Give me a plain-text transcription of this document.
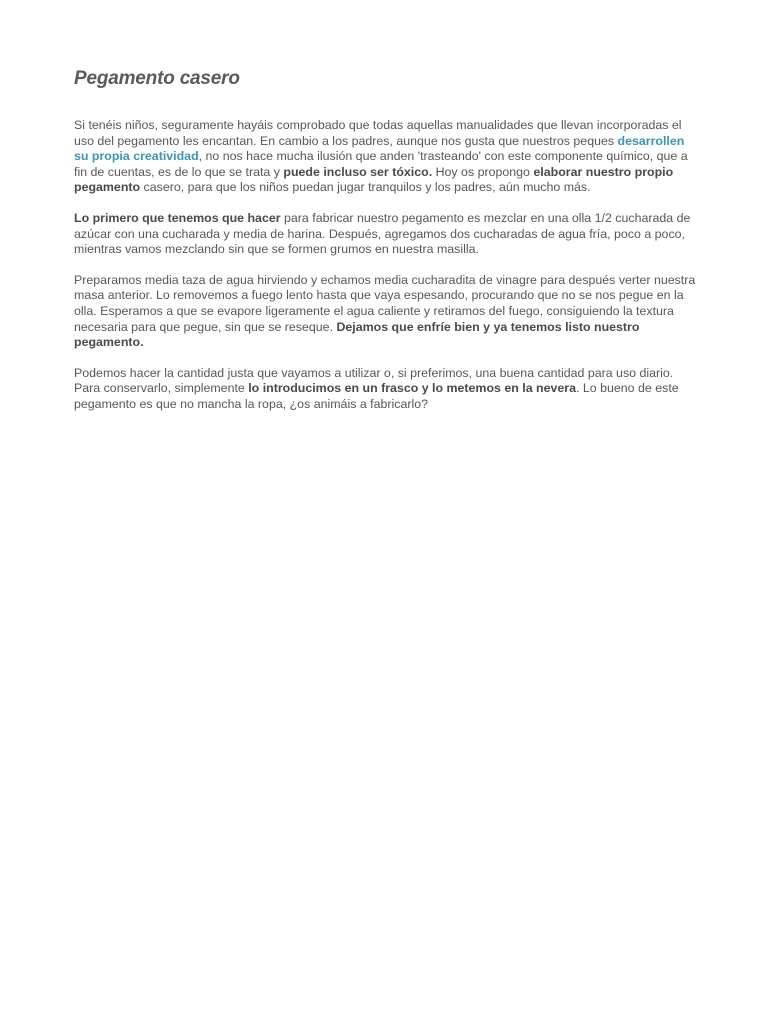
Pegamento casero

Si tenéis niños, seguramente hayáis comprobado que todas aquellas manualidades que llevan incorporadas el uso del pegamento les encantan. En cambio a los padres, aunque nos gusta que nuestros peques desarrollen su propia creatividad, no nos hace mucha ilusión que anden 'trasteando' con este componente químico, que a fin de cuentas, es de lo que se trata y puede incluso ser tóxico. Hoy os propongo elaborar nuestro propio pegamento casero, para que los niños puedan jugar tranquilos y los padres, aún mucho más.

Lo primero que tenemos que hacer para fabricar nuestro pegamento es mezclar en una olla 1/2 cucharada de azúcar con una cucharada y media de harina. Después, agregamos dos cucharadas de agua fría, poco a poco, mientras vamos mezclando sin que se formen grumos en nuestra masilla.

Preparamos media taza de agua hirviendo y echamos media cucharadita de vinagre para después verter nuestra masa anterior. Lo removemos a fuego lento hasta que vaya espesando, procurando que no se nos pegue en la olla. Esperamos a que se evapore ligeramente el agua caliente y retiramos del fuego, consiguiendo la textura necesaria para que pegue, sin que se reseque. Dejamos que enfríe bien y ya tenemos listo nuestro pegamento.

Podemos hacer la cantidad justa que vayamos a utilizar o, si preferimos, una buena cantidad para uso diario. Para conservarlo, simplemente lo introducimos en un frasco y lo metemos en la nevera. Lo bueno de este pegamento es que no mancha la ropa, ¿os animáis a fabricarlo?
